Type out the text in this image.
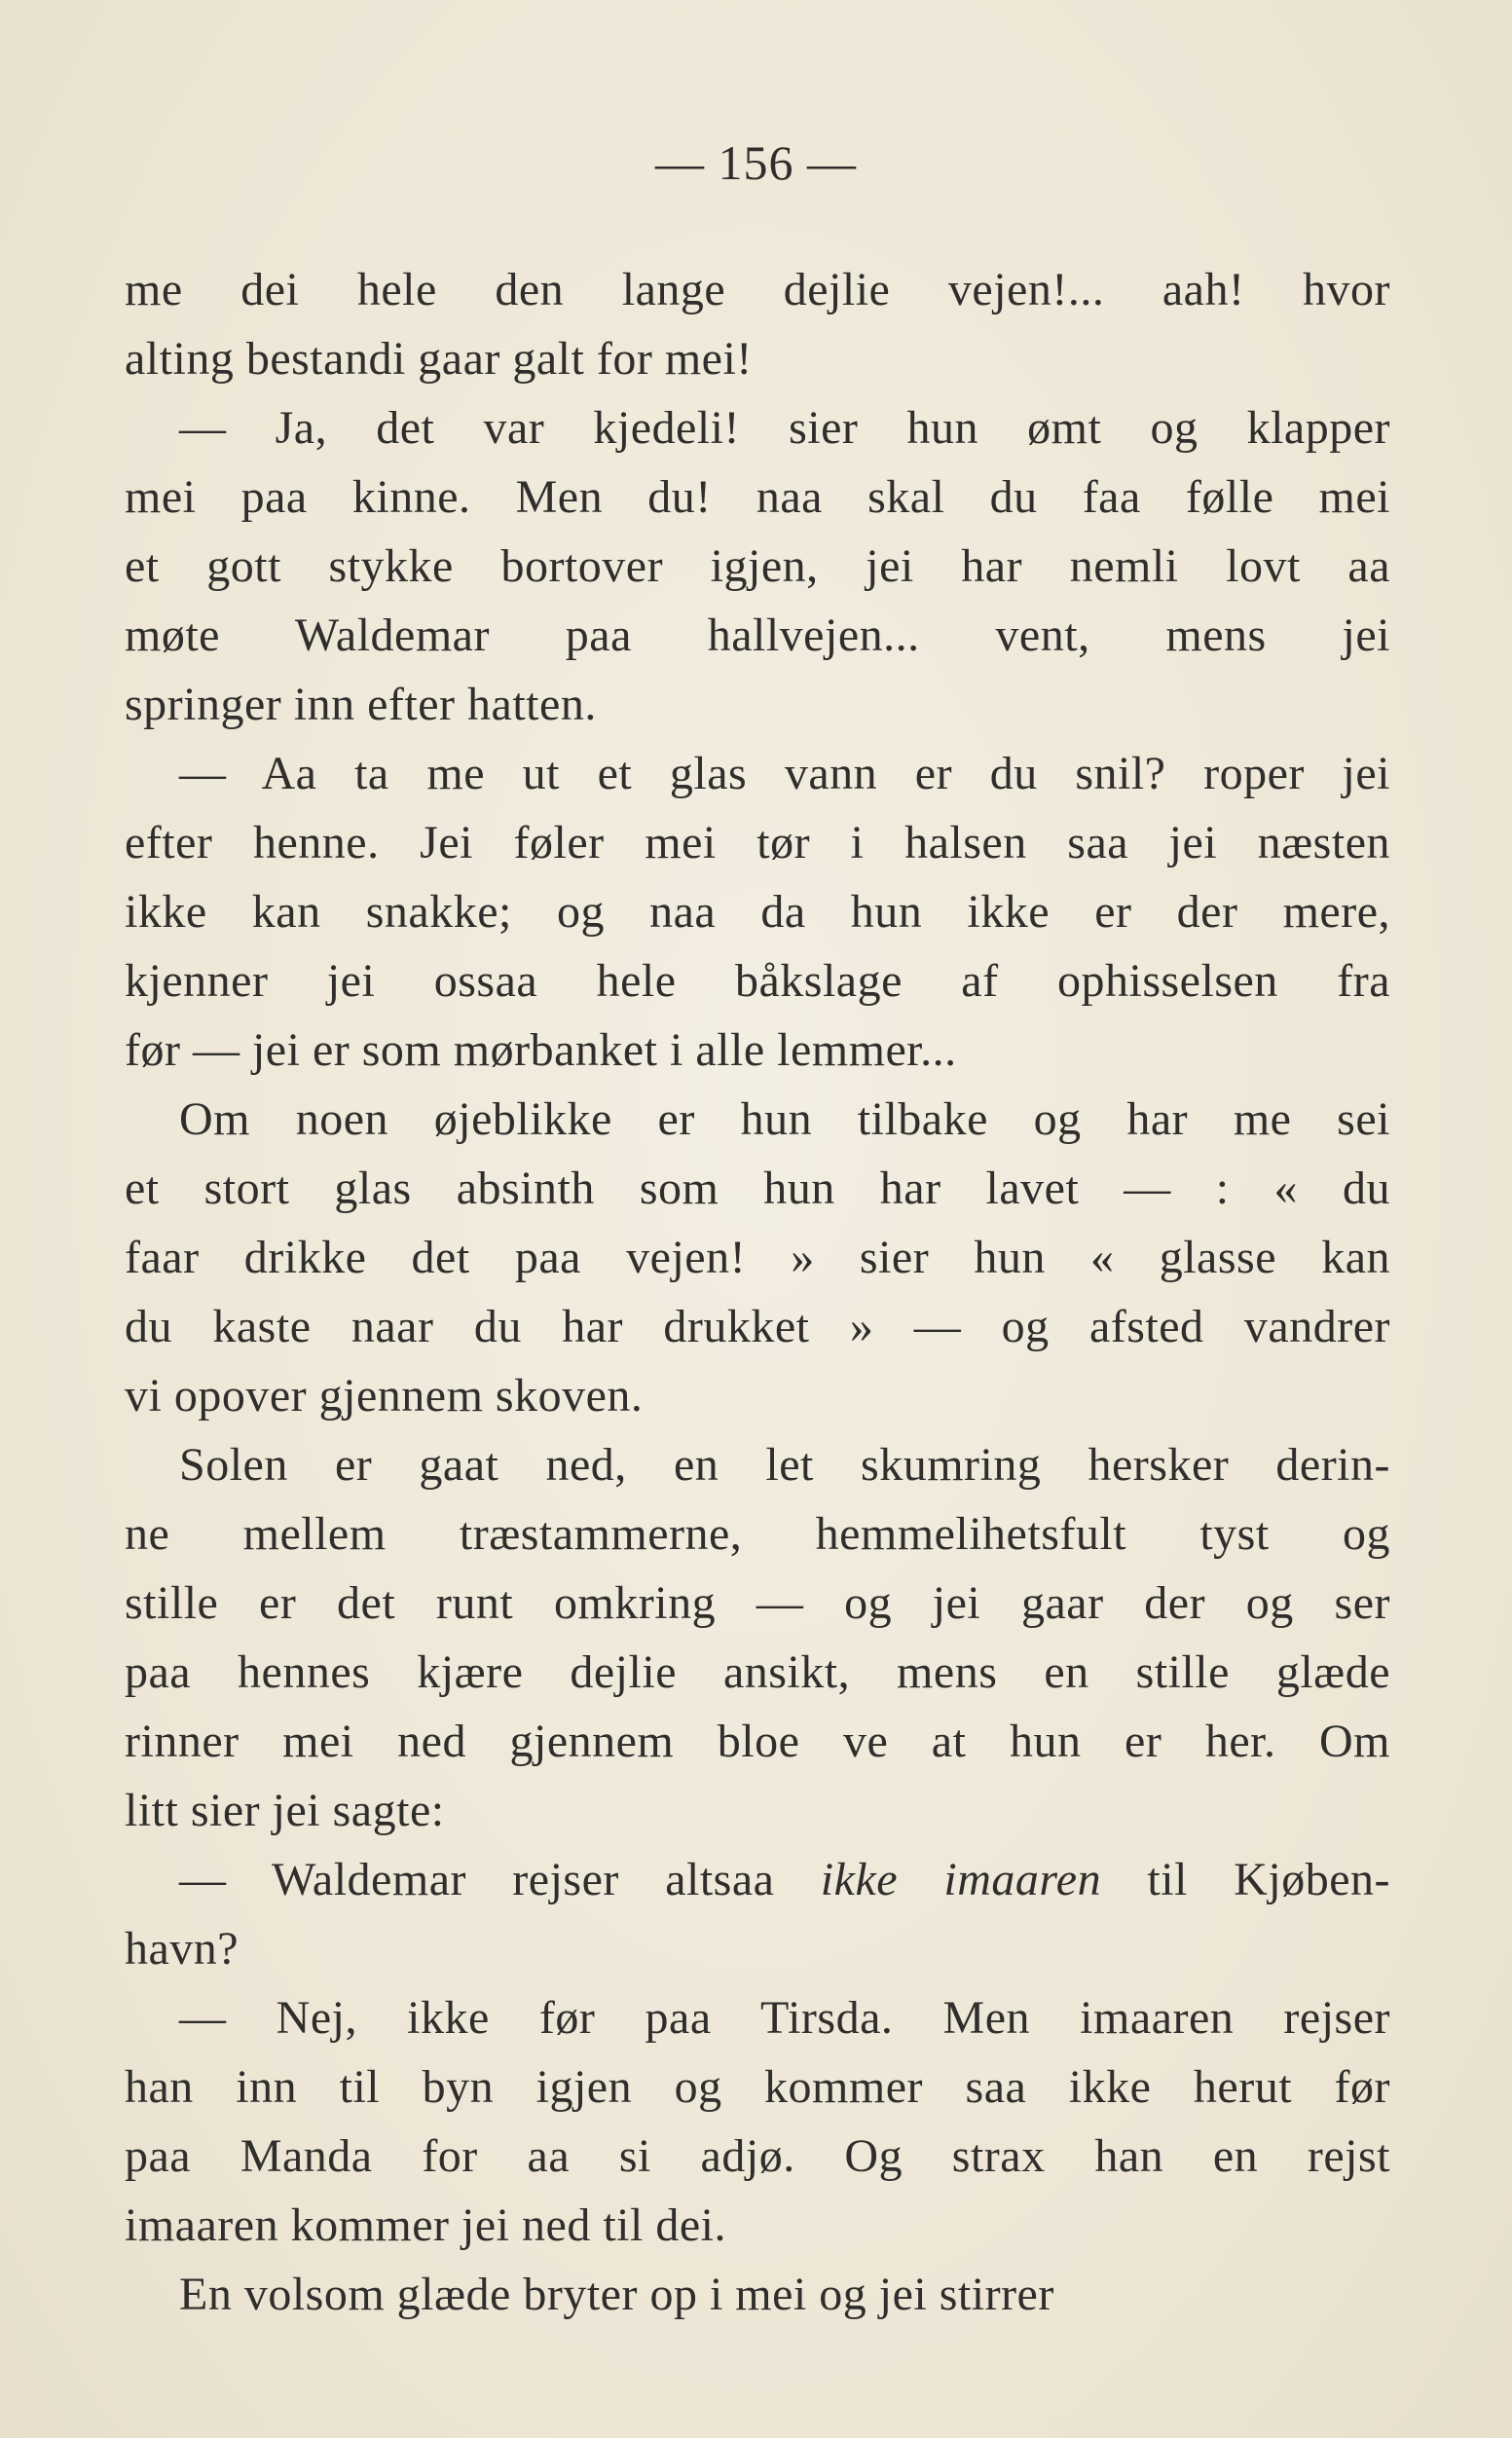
— 156 —
me dei hele den lange dejlie vejen!... aah! hvor
alting bestandi gaar galt for mei!
— Ja, det var kjedeli! sier hun ømt og klapper
mei paa kinne. Men du! naa skal du faa følle mei
et gott stykke bortover igjen, jei har nemli lovt aa
møte Waldemar paa hallvejen... vent, mens jei
springer inn efter hatten.
— Aa ta me ut et glas vann er du snil? roper jei
efter henne. Jei føler mei tør i halsen saa jei næsten
ikke kan snakke; og naa da hun ikke er der mere,
kjenner jei ossaa hele båkslage af ophisselsen fra
før — jei er som mørbanket i alle lemmer...
Om noen øjeblikke er hun tilbake og har me sei
et stort glas absinth som hun har lavet — : « du
faar drikke det paa vejen! » sier hun « glasse kan
du kaste naar du har drukket » — og afsted vandrer
vi opover gjennem skoven.
Solen er gaat ned, en let skumring hersker derin-
ne mellem træstammerne, hemmelihetsfult tyst og
stille er det runt omkring — og jei gaar der og ser
paa hennes kjære dejlie ansikt, mens en stille glæde
rinner mei ned gjennem bloe ve at hun er her. Om
litt sier jei sagte:
— Waldemar rejser altsaa ikke imaaren til Kjøben-
havn?
— Nej, ikke før paa Tirsda. Men imaaren rejser
han inn til byn igjen og kommer saa ikke herut før
paa Manda for aa si adjø. Og strax han en rejst
imaaren kommer jei ned til dei.
En volsom glæde bryter op i mei og jei stirrer
